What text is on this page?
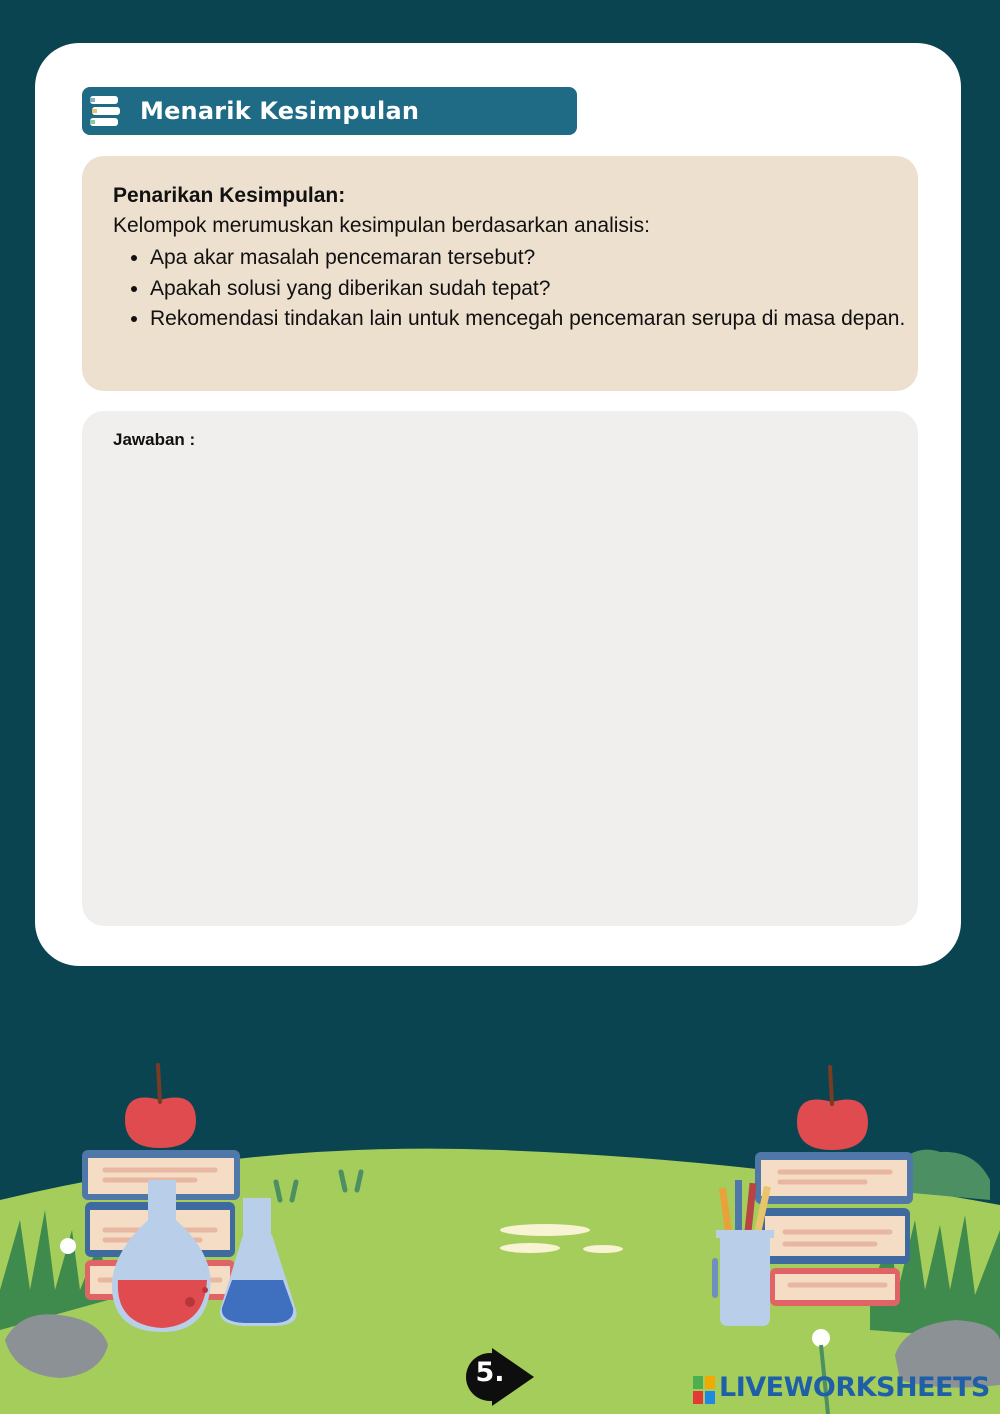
Menarik Kesimpulan
Penarikan Kesimpulan:
Kelompok merumuskan kesimpulan berdasarkan analisis:
• Apa akar masalah pencemaran tersebut?
• Apakah solusi yang diberikan sudah tepat?
• Rekomendasi tindakan lain untuk mencegah pencemaran serupa di masa depan.
Jawaban :
5.	LIVEWORKSHEETS
